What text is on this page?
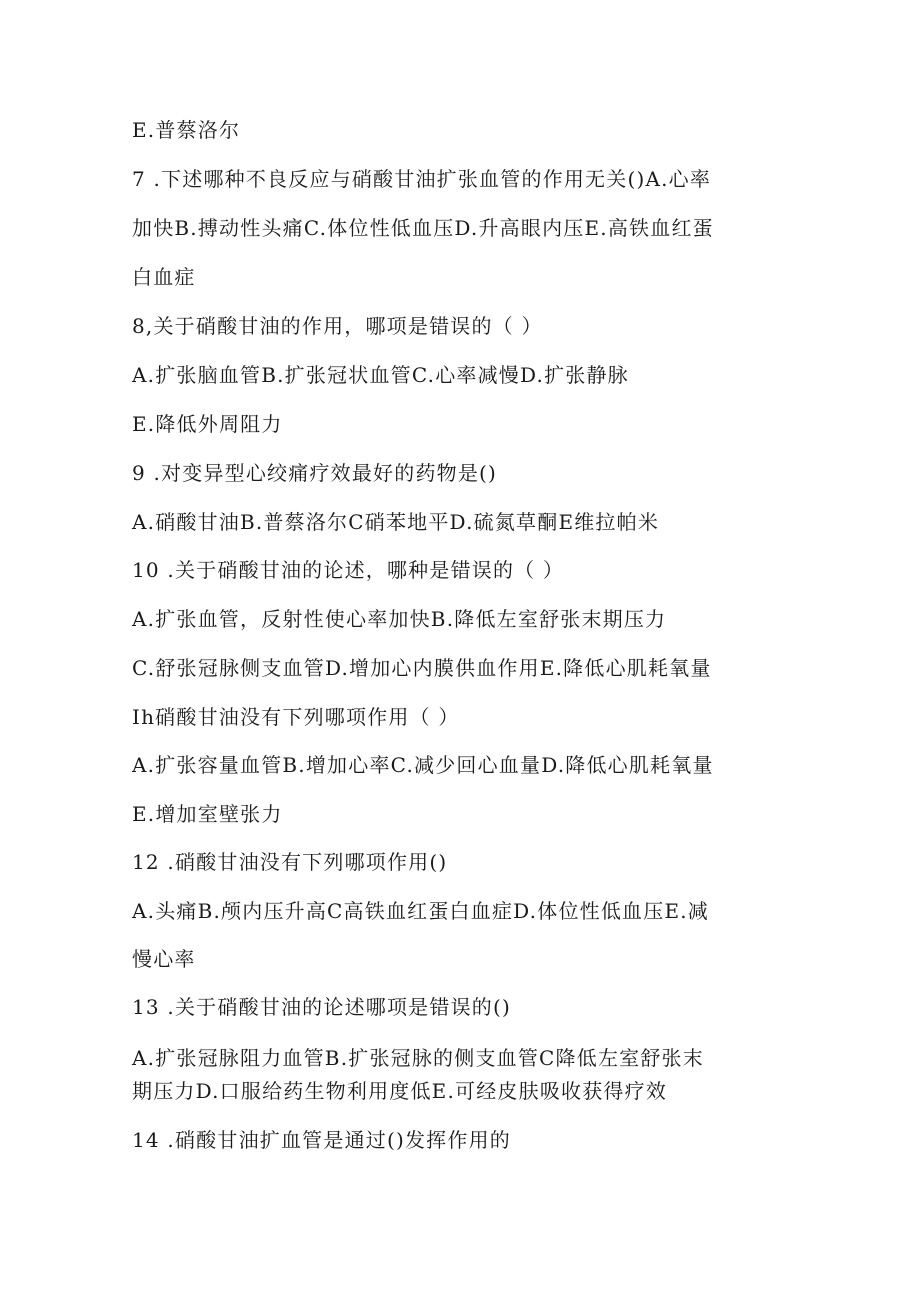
E.普蔡洛尔
7 .下述哪种不良反应与硝酸甘油扩张血管的作用无关()A.心率
加快B.搏动性头痛C.体位性低血压D.升高眼内压E.高铁血红蛋
白血症
8,关于硝酸甘油的作用，哪项是错误的（ ）
A.扩张脑血管B.扩张冠状血管C.心率减慢D.扩张静脉
E.降低外周阻力
9 .对变异型心绞痛疗效最好的药物是()
A.硝酸甘油B.普蔡洛尔C硝苯地平D.硫氮草酮E维拉帕米
10 .关于硝酸甘油的论述，哪种是错误的（ ）
A.扩张血管，反射性使心率加快B.降低左室舒张末期压力
C.舒张冠脉侧支血管D.增加心内膜供血作用E.降低心肌耗氧量
Ih硝酸甘油没有下列哪项作用（ ）
A.扩张容量血管B.增加心率C.减少回心血量D.降低心肌耗氧量
E.增加室壁张力
12 .硝酸甘油没有下列哪项作用()
A.头痛B.颅内压升高C高铁血红蛋白血症D.体位性低血压E.减
慢心率
13 .关于硝酸甘油的论述哪项是错误的()
A.扩张冠脉阻力血管B.扩张冠脉的侧支血管C降低左室舒张末
期压力D.口服给药生物利用度低E.可经皮肤吸收获得疗效
14 .硝酸甘油扩血管是通过()发挥作用的
